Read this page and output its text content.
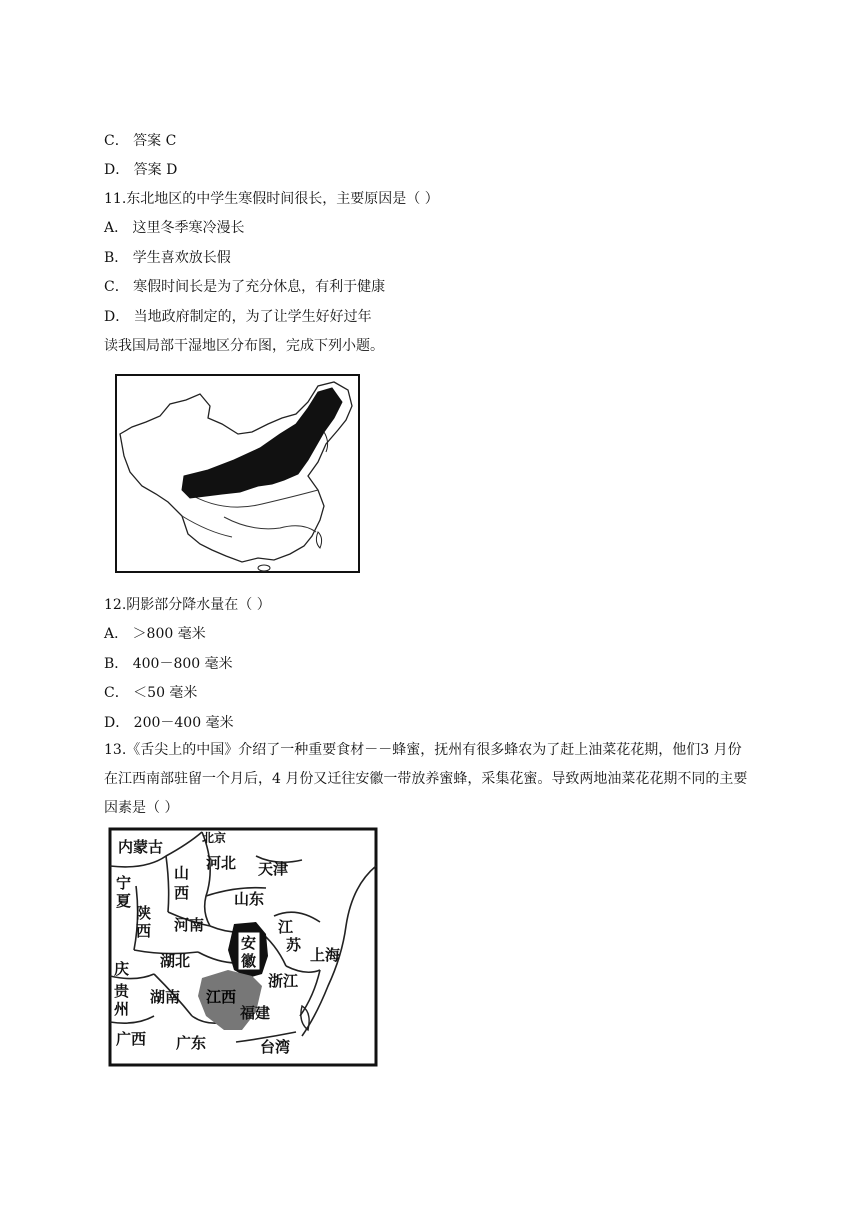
C． 答案 C
D． 答案 D
11.东北地区的中学生寒假时间很长，主要原因是（ ）
A． 这里冬季寒冷漫长
B． 学生喜欢放长假
C． 寒假时间长是为了充分休息，有利于健康
D． 当地政府制定的，为了让学生好好过年
读我国局部干湿地区分布图，完成下列小题。
12.阴影部分降水量在（ ）
A． ＞800 毫米
B． 400－800 毫米
C． ＜50 毫米
D． 200－400 毫米
13.《舌尖上的中国》介绍了一种重要食材－－蜂蜜，抚州有很多蜂农为了赶上油菜花花期，他们3 月份在江西南部驻留一个月后，4 月份又迁往安徽一带放养蜜蜂，采集花蜜。导致两地油菜花花期不同的主要因素是（ ）
内蒙古	北京
河北 天津
山
西
宁
夏
陕
西
山东
河南	江
苏
安
徽	上海
庆 湖北
浙江
贵
州
湖南 江西
福建
广西 广东	台湾
